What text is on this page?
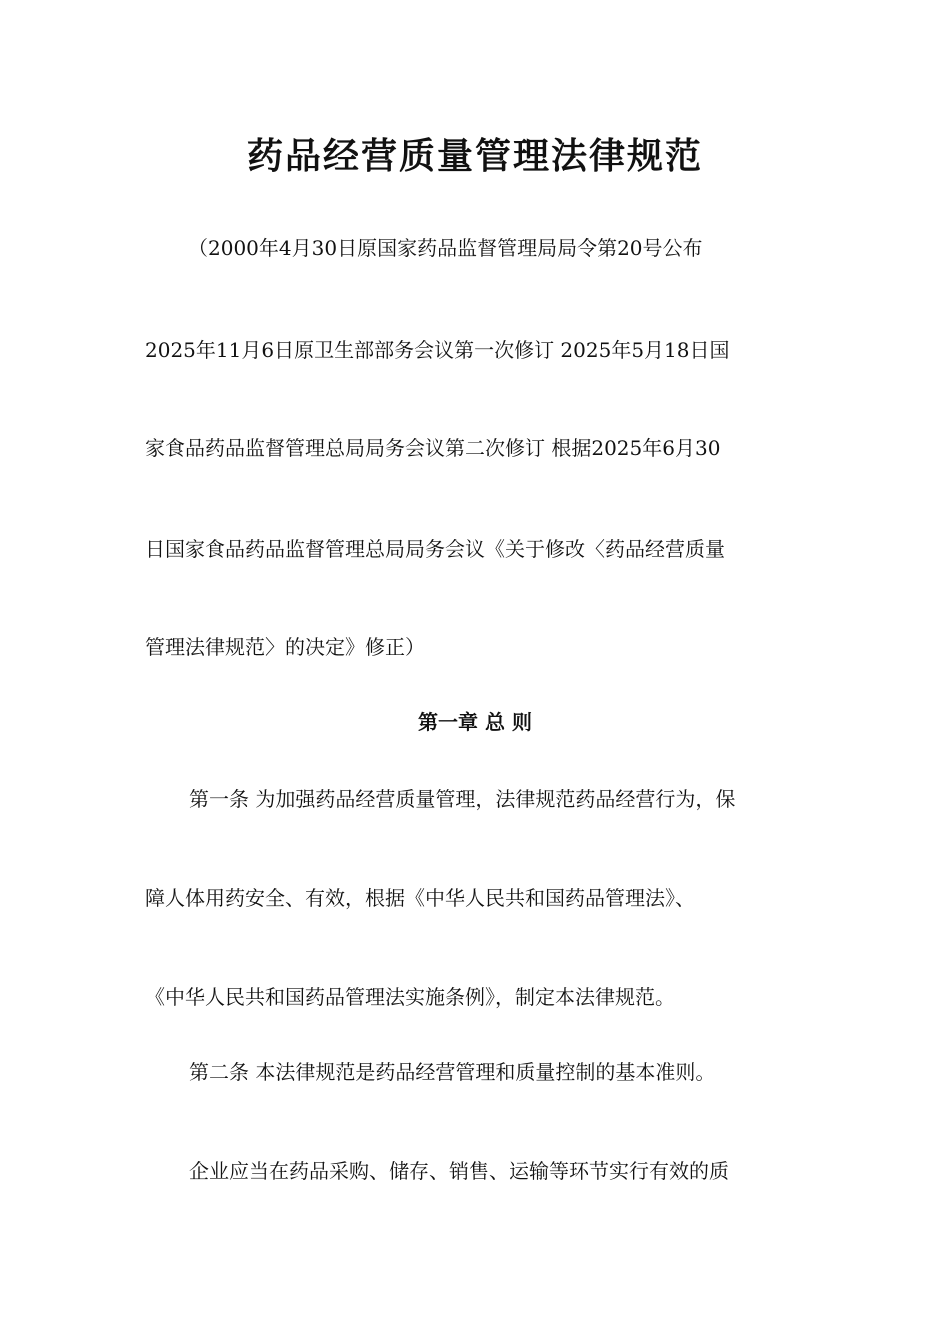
药品经营质量管理法律规范
（2000年4月30日原国家药品监督管理局局令第20号公布
2025年11月6日原卫生部部务会议第一次修订 2025年5月18日国
家食品药品监督管理总局局务会议第二次修订 根据2025年6月30
日国家食品药品监督管理总局局务会议《关于修改〈药品经营质量
管理法律规范〉的决定》修正）
第一章 总 则
第一条 为加强药品经营质量管理，法律规范药品经营行为，保
障人体用药安全、有效，根据《中华人民共和国药品管理法》、
《中华人民共和国药品管理法实施条例》，制定本法律规范。
第二条 本法律规范是药品经营管理和质量控制的基本准则。
企业应当在药品采购、储存、销售、运输等环节实行有效的质
